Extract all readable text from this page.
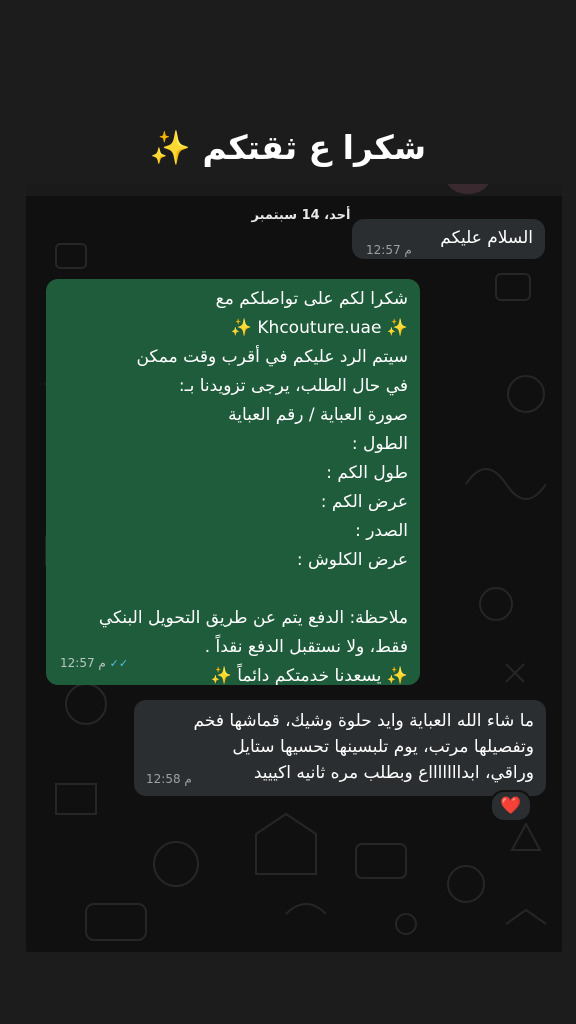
شكرا ع ثقتكم ✨
أحد، 14 سبتمبر
السلام عليكم
12:57 م
شكرا لكم على تواصلكم مع
✨ Khcouture.uae ✨
سيتم الرد عليكم في أقرب وقت ممكن
في حال الطلب، يرجى تزويدنا بـ:
صورة العباية / رقم العباية
الطول :
طول الكم :
عرض الكم :
الصدر :
عرض الكلوش :
ملاحظة: الدفع يتم عن طريق التحويل البنكي
فقط، ولا نستقبل الدفع نقداً .
✨ يسعدنا خدمتكم دائماً ✨
12:57 م ✓✓
ما شاء الله العباية وايد حلوة وشيك، قماشها فخم
وتفصيلها مرتب، يوم تلبسينها تحسيها ستايل
وراقي، ابداااااااع وبطلب مره ثانيه اكيييد
12:58 م
❤️
